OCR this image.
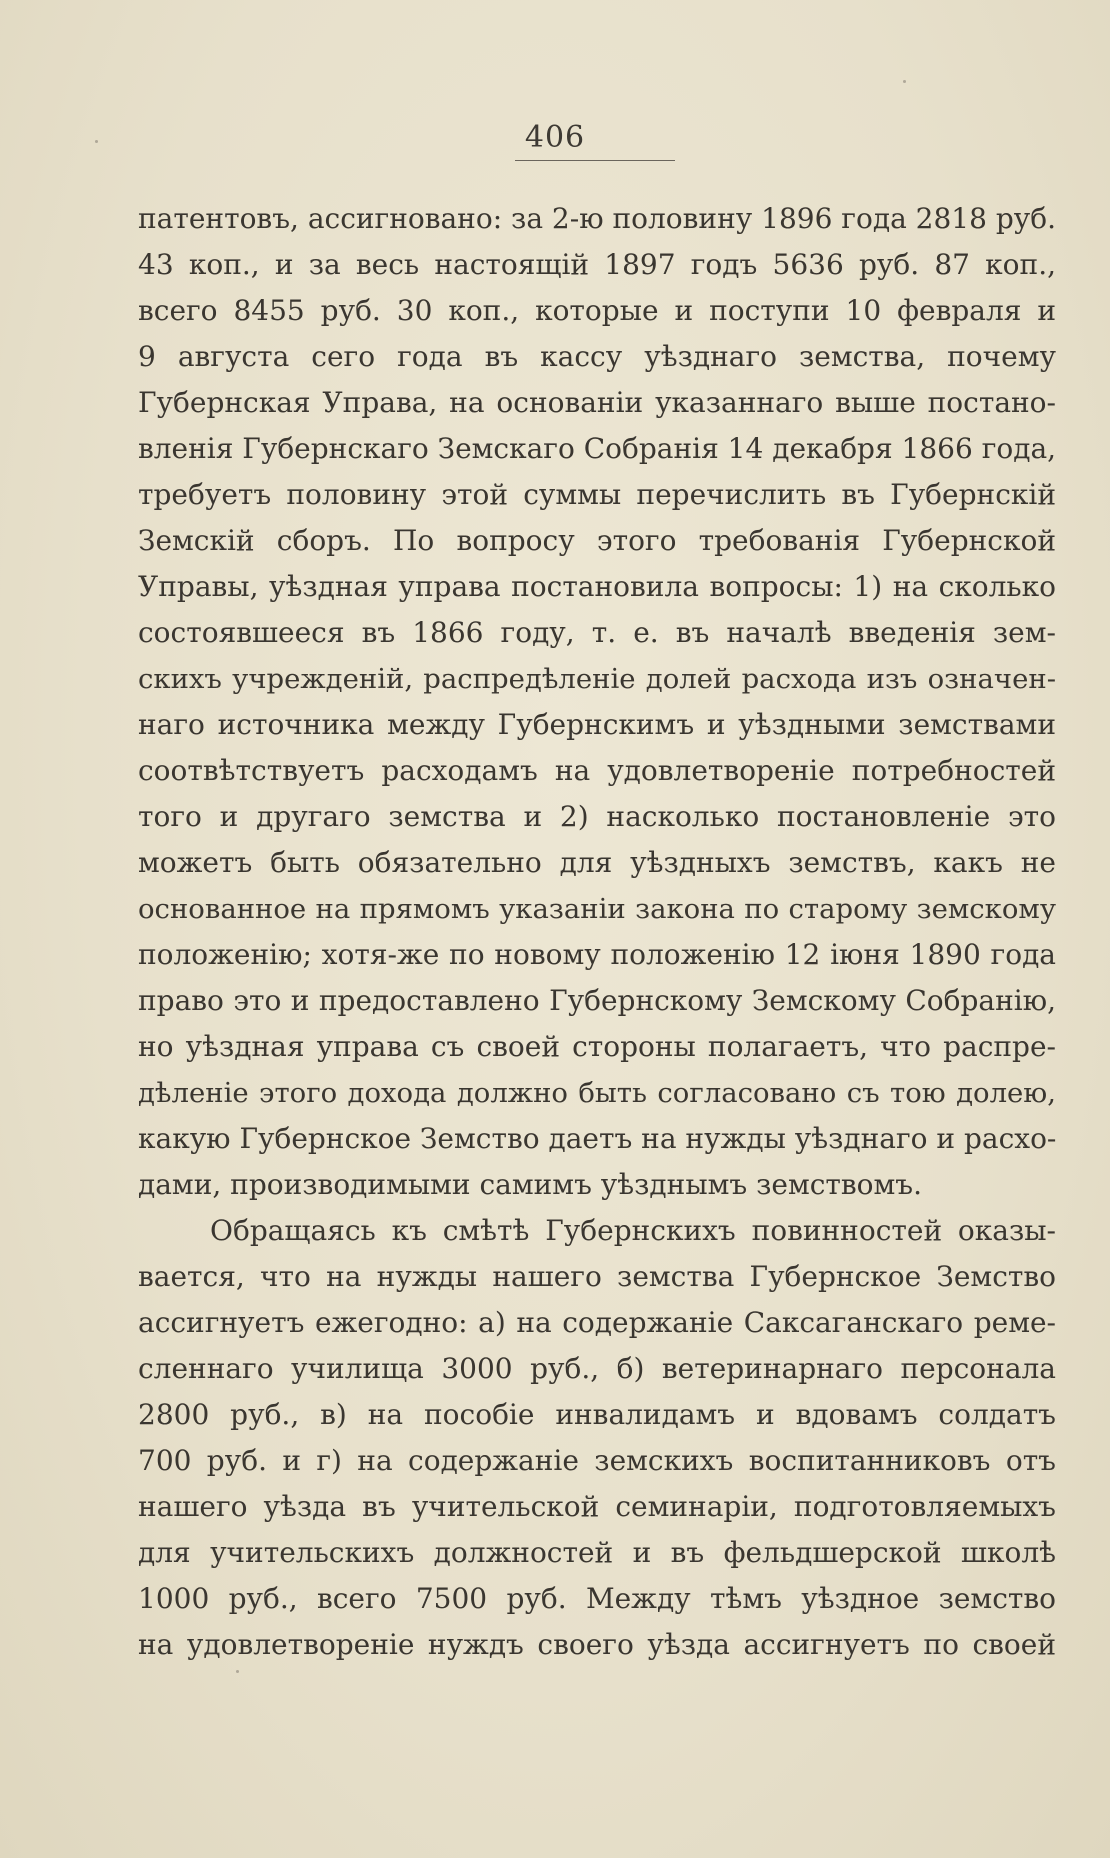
406
патентовъ, ассигновано: за 2-ю половину 1896 года 2818 руб.
43 коп., и за весь настоящій 1897 годъ 5636 руб. 87 коп.,
всего 8455 руб. 30 коп., которые и поступи 10 февраля и
9 августа сего года въ кассу уѣзднаго земства, почему
Губернская Управа, на основаніи указаннаго выше постано-
вленія Губернскаго Земскаго Собранія 14 декабря 1866 года,
требуетъ половину этой суммы перечислить въ Губернскій
Земскій сборъ. По вопросу этого требованія Губернской
Управы, уѣздная управа постановила вопросы: 1) на сколько
состоявшееся въ 1866 году, т. е. въ началѣ введенія зем-
скихъ учрежденій, распредѣленіе долей расхода изъ означен-
наго источника между Губернскимъ и уѣздными земствами
соотвѣтствуетъ расходамъ на удовлетвореніе потребностей
того и другаго земства и 2) насколько постановленіе это
можетъ быть обязательно для уѣздныхъ земствъ, какъ не
основанное на прямомъ указаніи закона по старому земскому
положенію; хотя-же по новому положенію 12 іюня 1890 года
право это и предоставлено Губернскому Земскому Собранію,
но уѣздная управа съ своей стороны полагаетъ, что распре-
дѣленіе этого дохода должно быть согласовано съ тою долею,
какую Губернское Земство даетъ на нужды уѣзднаго и расхо-
дами, производимыми самимъ уѣзднымъ земствомъ.
Обращаясь къ смѣтѣ Губернскихъ повинностей оказы-
вается, что на нужды нашего земства Губернское Земство
ассигнуетъ ежегодно: а) на содержаніе Саксаганскаго реме-
сленнаго училища 3000 руб., б) ветеринарнаго персонала
2800 руб., в) на пособіе инвалидамъ и вдовамъ солдатъ
700 руб. и г) на содержаніе земскихъ воспитанниковъ отъ
нашего уѣзда въ учительской семинаріи, подготовляемыхъ
для учительскихъ должностей и въ фельдшерской школѣ
1000 руб., всего 7500 руб. Между тѣмъ уѣздное земство
на удовлетвореніе нуждъ своего уѣзда ассигнуетъ по своей
